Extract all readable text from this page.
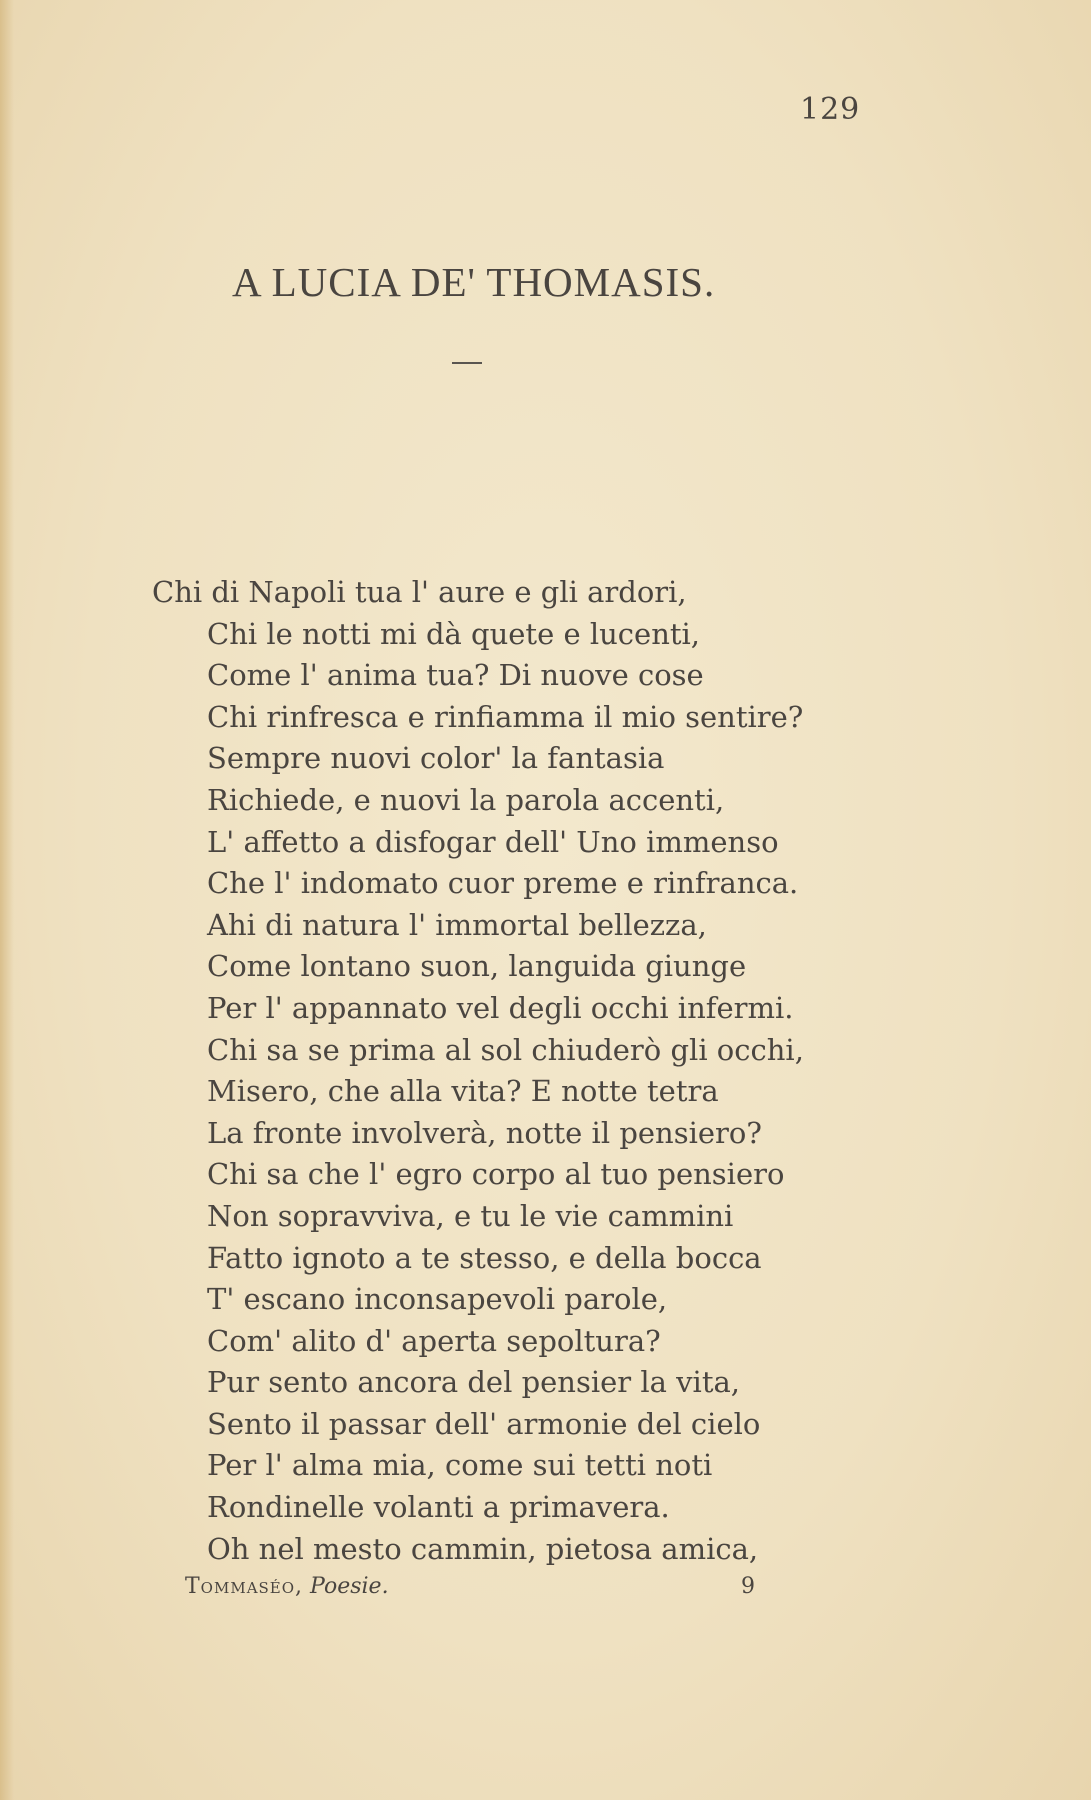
129
A LUCIA DE' THOMASIS.
Chi di Napoli tua l' aure e gli ardori,
Chi le notti mi dà quete e lucenti,
Come l' anima tua? Di nuove cose
Chi rinfresca e rinfiamma il mio sentire?
Sempre nuovi color' la fantasia
Richiede, e nuovi la parola accenti,
L' affetto a disfogar dell' Uno immenso
Che l' indomato cuor preme e rinfranca.
Ahi di natura l' immortal bellezza,
Come lontano suon, languida giunge
Per l' appannato vel degli occhi infermi.
Chi sa se prima al sol chiuderò gli occhi,
Misero, che alla vita? E notte tetra
La fronte involverà, notte il pensiero?
Chi sa che l' egro corpo al tuo pensiero
Non sopravviva, e tu le vie cammini
Fatto ignoto a te stesso, e della bocca
T' escano inconsapevoli parole,
Com' alito d' aperta sepoltura?
Pur sento ancora del pensier la vita,
Sento il passar dell' armonie del cielo
Per l' alma mia, come sui tetti noti
Rondinelle volanti a primavera.
Oh nel mesto cammin, pietosa amica,
Tommaséo, Poesie.	9
